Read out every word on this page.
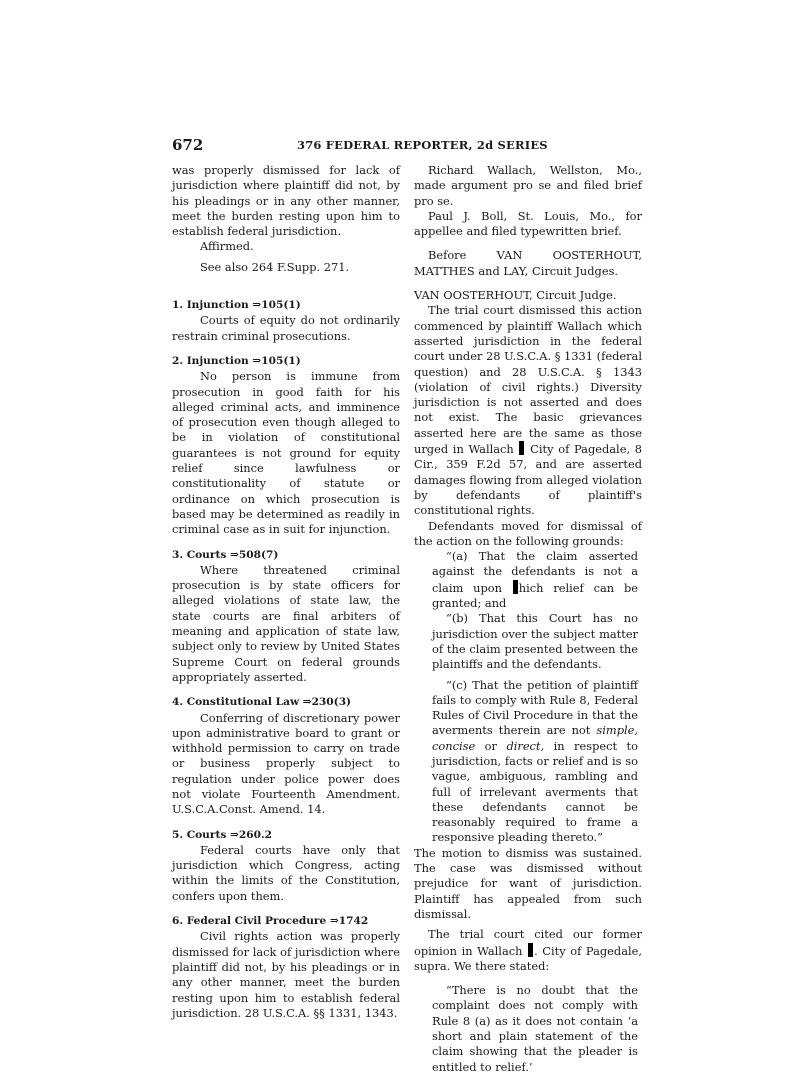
672	376 FEDERAL REPORTER, 2d SERIES

was properly dismissed for lack of jurisdiction where plaintiff did not, by his pleadings or in any other manner, meet the burden resting upon him to establish federal jurisdiction.

Affirmed.

See also 264 F.Supp. 271.

1. Injunction ⇒105(1)

Courts of equity do not ordinarily restrain criminal prosecutions.

2. Injunction ⇒105(1)

No person is immune from prosecution in good faith for his alleged criminal acts, and imminence of prosecution even though alleged to be in violation of constitutional guarantees is not ground for equity relief since lawfulness or constitutionality of statute or ordinance on which prosecution is based may be determined as readily in criminal case as in suit for injunction.

3. Courts ⇒508(7)

Where threatened criminal prosecution is by state officers for alleged violations of state law, the state courts are final arbiters of meaning and application of state law, subject only to review by United States Supreme Court on federal grounds appropriately asserted.

4. Constitutional Law ⇒230(3)

Conferring of discretionary power upon administrative board to grant or withhold permission to carry on trade or business properly subject to regulation under police power does not violate Fourteenth Amendment. U.S.C.A.Const. Amend. 14.

5. Courts ⇒260.2

Federal courts have only that jurisdiction which Congress, acting within the limits of the Constitution, confers upon them.

6. Federal Civil Procedure ⇒1742

Civil rights action was properly dismissed for lack of jurisdiction where plaintiff did not, by his pleadings or in any other manner, meet the burden resting upon him to establish federal jurisdiction. 28 U.S.C.A. §§ 1331, 1343.

Richard Wallach, Wellston, Mo., made argument pro se and filed brief pro se.

Paul J. Boll, St. Louis, Mo., for appellee and filed typewritten brief.

Before VAN OOSTERHOUT, MATTHES and LAY, Circuit Judges.

VAN OOSTERHOUT, Circuit Judge.

The trial court dismissed this action commenced by plaintiff Wallach which asserted jurisdiction in the federal court under 28 U.S.C.A. § 1331 (federal question) and 28 U.S.C.A. § 1343 (violation of civil rights.) Diversity jurisdiction is not asserted and does not exist. The basic grievances asserted here are the same as those urged in Wallach City of Pagedale, 8 Cir., 359 F.2d 57, and are asserted damages flowing from alleged violation by defendants of plaintiff's constitutional rights.

Defendants moved for dismissal of the action on the following grounds:

“(a) That the claim asserted against the defendants is not a claim upon hich relief can be granted; and

“(b) That this Court has no jurisdiction over the subject matter of the claim presented between the plaintiffs and the defendants.

“(c) That the petition of plaintiff fails to comply with Rule 8, Federal Rules of Civil Procedure in that the averments therein are not simple, concise or direct, in respect to jurisdiction, facts or relief and is so vague, ambiguous, rambling and full of irrelevant averments that these defendants cannot be reasonably required to frame a responsive pleading thereto.”

The motion to dismiss was sustained. The case was dismissed without prejudice for want of jurisdiction. Plaintiff has appealed from such dismissal.

The trial court cited our former opinion in Wallach . City of Pagedale, supra. We there stated:

“There is no doubt that the complaint does not comply with Rule 8 (a) as it does not contain ‘a short and plain statement of the claim showing that the pleader is entitled to relief.’
